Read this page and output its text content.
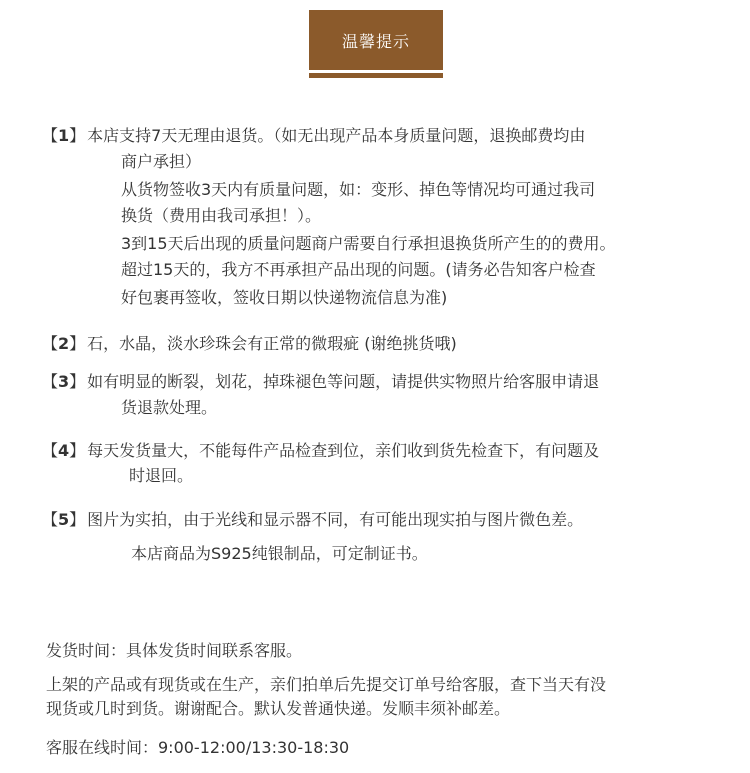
温馨提示
【1】 本店支持7天无理由退货。（如无出现产品本身质量问题，退换邮费均由
商户承担）
从货物签收3天内有质量问题，如：变形、掉色等情况均可通过我司
换货（费用由我司承担！）。
3到15天后出现的质量问题商户需要自行承担退换货所产生的的费用。
超过15天的，我方不再承担产品出现的问题。(请务必告知客户检查
好包裹再签收，签收日期以快递物流信息为准)
【2】 石，水晶，淡水珍珠会有正常的微瑕疵 (谢绝挑货哦)
【3】 如有明显的断裂，划花，掉珠褪色等问题，请提供实物照片给客服申请退
货退款处理。
【4】 每天发货量大，不能每件产品检查到位，亲们收到货先检查下，有问题及
时退回。
【5】 图片为实拍，由于光线和显示器不同，有可能出现实拍与图片微色差。
本店商品为S925纯银制品，可定制证书。
发货时间：具体发货时间联系客服。
上架的产品或有现货或在生产，亲们拍单后先提交订单号给客服，查下当天有没
现货或几时到货。谢谢配合。默认发普通快递。发顺丰须补邮差。
客服在线时间：9:00-12:00/13:30-18:30
